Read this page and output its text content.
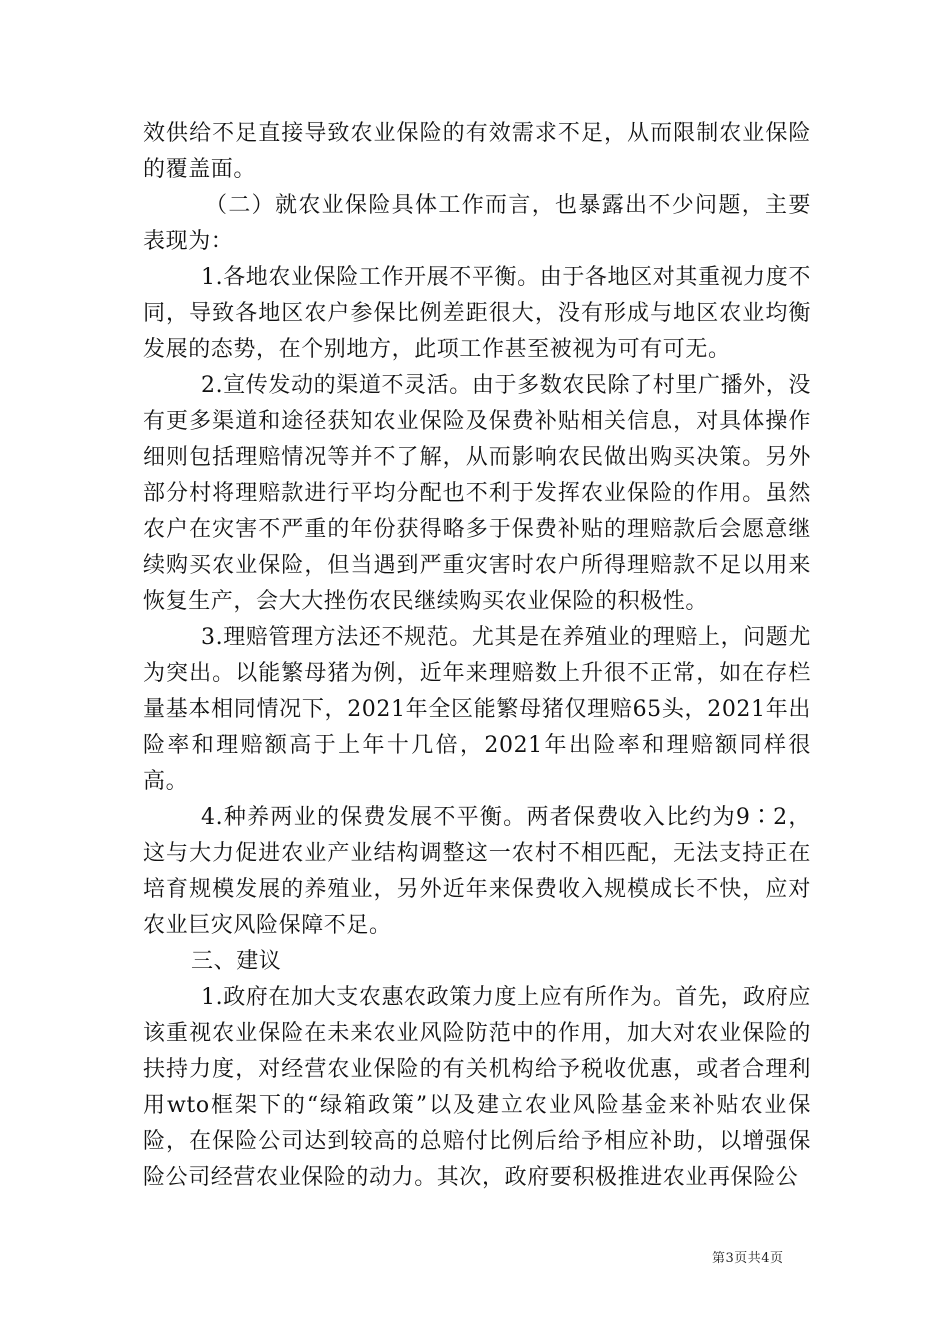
效供给不足直接导致农业保险的有效需求不足，从而限制农业保险的覆盖面。

（二）就农业保险具体工作而言，也暴露出不少问题，主要表现为：

1.各地农业保险工作开展不平衡。由于各地区对其重视力度不同，导致各地区农户参保比例差距很大，没有形成与地区农业均衡发展的态势，在个别地方，此项工作甚至被视为可有可无。

2.宣传发动的渠道不灵活。由于多数农民除了村里广播外，没有更多渠道和途径获知农业保险及保费补贴相关信息，对具体操作细则包括理赔情况等并不了解，从而影响农民做出购买决策。另外部分村将理赔款进行平均分配也不利于发挥农业保险的作用。虽然农户在灾害不严重的年份获得略多于保费补贴的理赔款后会愿意继续购买农业保险，但当遇到严重灾害时农户所得理赔款不足以用来恢复生产，会大大挫伤农民继续购买农业保险的积极性。

3.理赔管理方法还不规范。尤其是在养殖业的理赔上，问题尤为突出。以能繁母猪为例，近年来理赔数上升很不正常，如在存栏量基本相同情况下，2021年全区能繁母猪仅理赔65头，2021年出险率和理赔额高于上年十几倍，2021年出险率和理赔额同样很高。

4.种养两业的保费发展不平衡。两者保费收入比约为9∶2，这与大力促进农业产业结构调整这一农村不相匹配，无法支持正在培育规模发展的养殖业，另外近年来保费收入规模成长不快，应对农业巨灾风险保障不足。

三、建议

1.政府在加大支农惠农政策力度上应有所作为。首先，政府应该重视农业保险在未来农业风险防范中的作用，加大对农业保险的扶持力度，对经营农业保险的有关机构给予税收优惠，或者合理利用wto框架下的“绿箱政策”以及建立农业风险基金来补贴农业保险，在保险公司达到较高的总赔付比例后给予相应补助，以增强保险公司经营农业保险的动力。其次，政府要积极推进农业再保险公

第3页共4页
